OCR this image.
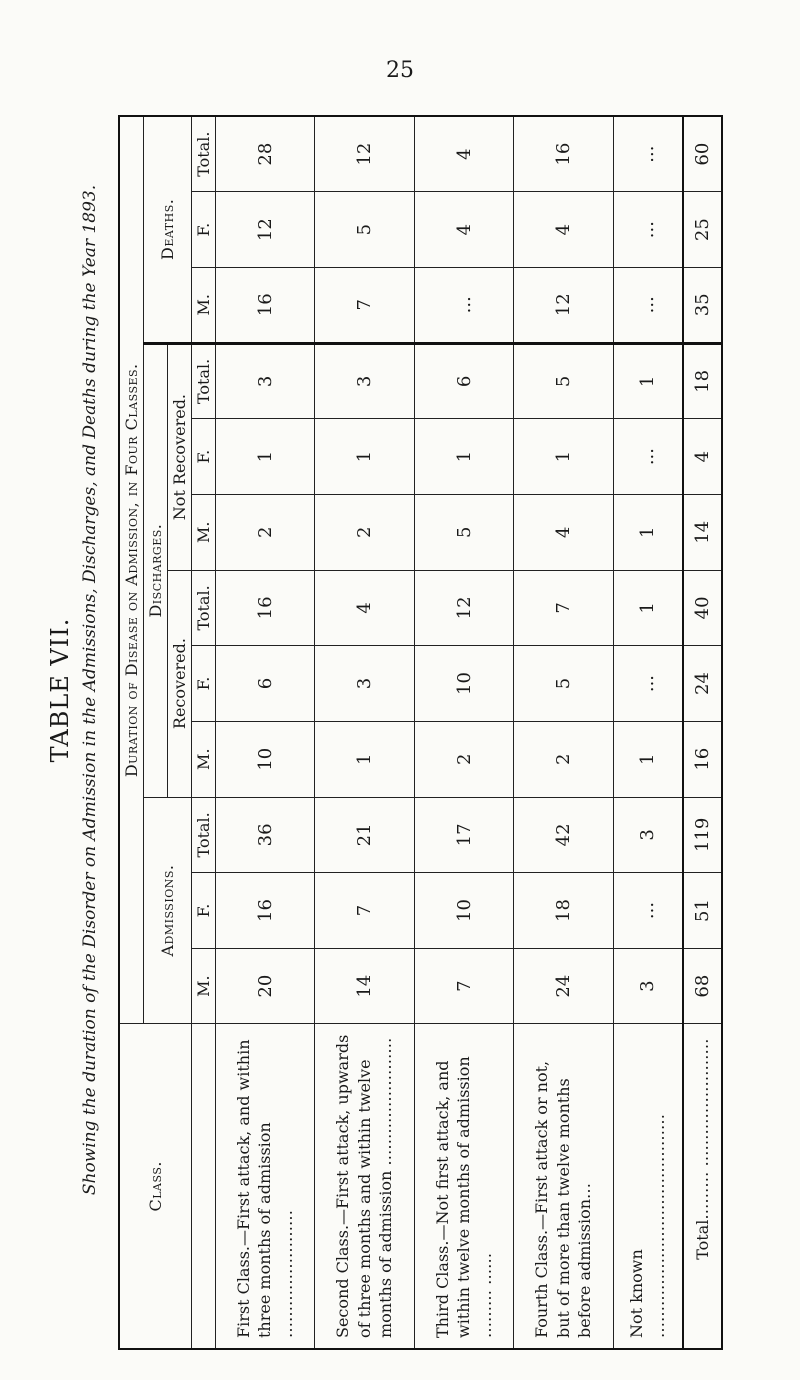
25
TABLE VII. Showing the duration of the Disorder on Admission in the Admissions, Discharges, and Deaths during the Year 1893.	Class.	Duration of Disease on Admission, in Four Classes.											
	Admissions.			Discharges.						Deaths.		
				Recovered.			Not Recovered.					
	M.	F.	Total.	M.	F.	Total.	M.	F.	Total.	M.	F.	Total.
First Class.—First attack, and within three months of admission ……………………	20	16	36	10	6	16	2	1	3	16	12	28
Second Class.—First attack, upwards of three months and within twelve months of admission ……………………	14	7	21	1	3	4	2	1	3	7	5	12
Third Class.—Not first attack, and within twelve months of admission ……… ……	7	10	17	2	10	12	5	1	6	...	4	4
Fourth Class.—First attack or not, but of more than twelve months before admission…	24	18	42	2	5	7	4	1	5	12	4	16
Not known ……………………………………	3	...	3	1	...	1	1	...	1	...	...	...
Total……… ……………………	68	51	119	16	24	40	14	4	18	35	25	60
